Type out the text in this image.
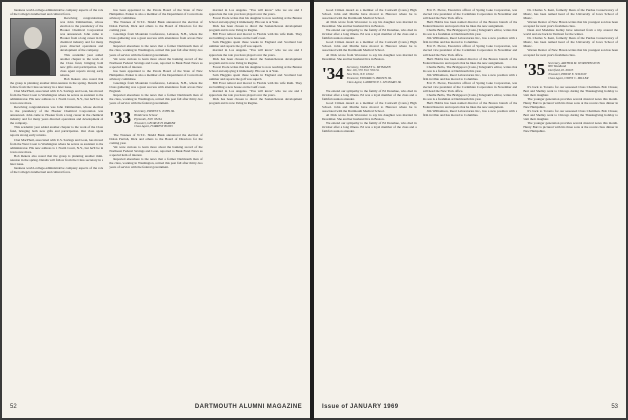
business world-college-administrative company aspects of the role of the College's intellectual and cultural force.

Receiving congratulations was John Zimmerman, whose election to the presidency of the Hooker Chemical Corporation was announced. John came to Hooker from a long career in the chemical industry and for many years directed operations and development of the company.

This academic year added another chapter to the work of the Class fund, bringing both new gifts and participation. Our class agent reports strong early returns.

Bob Rekers also noted that the group is planning another mini-reunion in the spring. Details will follow from the Class secretary in a later issue.

Chet MacPhail, associated with U.S. Savings and Loan, has moved from the West Coast to Washington where he serves as assistant to the administrator. His new address is 1 North Court, N.Y., but he'll be in town once more.

Receiving congratulations was John Zimmerman, whose election to the presidency of the Hooker Chemical Corporation was announced. John came to Hooker from a long career in the chemical industry and for many years directed operations and development of the company.

This academic year added another chapter to the work of the Class fund, bringing both new gifts and participation. Our class agent reports strong early returns.

Chet MacPhail, associated with U.S. Savings and Loan, has moved from the West Coast to Washington where he serves as assistant to the administrator. His new address is 1 North Court, N.Y., but he'll be in town once more.

Bob Rekers also noted that the group is planning another mini-reunion in the spring. Details will follow from the Class secretary in a later issue.

business world-college-administrative company aspects of the role of the College's intellectual and cultural force.

has been appointed to the Parole Board of the State of New Hampshire. Parker is also a member of the Department of Corrections advisory committee.

The Trustees of N.T.C. Shield Bank announced the election of Dolan Parrish, Dick and others to the Board of Directors for the coming year.

Greetings from Mountain Conference, Lebanon, N.H., where the Class gathering was a great success with attendance from across New England.

Reported elsewhere is the news that a former Dartmouth man of the class, working in Washington, retired this past fall after thirty-two years of service with the federal government.

We were curious to learn more about the banking record of the Northeast Federal Savings and Loan, reported to Bank Fund News as a special item of interest.

has been appointed to the Parole Board of the State of New Hampshire. Parker is also a member of the Department of Corrections advisory committee.

Greetings from Mountain Conference, Lebanon, N.H., where the Class gathering was a great success with attendance from across New England.

Reported elsewhere is the news that a former Dartmouth man of the class, working in Washington, retired this past fall after thirty-two years of service with the federal government.

'33 Secretary, ERNEST S. JOHN JR.
Holderness School
Plymouth, N.H. 03264
Treasurer, GEORGE H. PARKER
Class Agent, FORREST BOND

The Trustees of N.T.C. Shield Bank announced the election of Dolan Parrish, Dick and others to the Board of Directors for the coming year.

We were curious to learn more about the banking record of the Northeast Federal Savings and Loan, reported to Bank Fund News as a special item of interest.

Reported elsewhere is the news that a former Dartmouth man of the class, working in Washington, retired this past fall after thirty-two years of service with the federal government.

married in Los Angeles. "You will know" who we are and I appreciate the role you have played over the years.

Forest Poole writes that his daughter is now teaching at the Benton School and enjoying it immensely. His son is at Yale.

Dick has been chosen to direct the Saskatchewan development program and is now living in Regina.

Bill Frost retired and moved to Florida with his wife Ruth. They are building a new house on the Gulf coast.

Sam Huggins spent three weeks in England and Scotland last summer and reports the golf was superb.

married in Los Angeles. "You will know" who we are and I appreciate the role you have played over the years.

Dick has been chosen to direct the Saskatchewan development program and is now living in Regina.

Forest Poole writes that his daughter is now teaching at the Benton School and enjoying it immensely. His son is at Yale.

Sam Huggins spent three weeks in England and Scotland last summer and reports the golf was superb.

Bill Frost retired and moved to Florida with his wife Ruth. They are building a new house on the Gulf coast.

married in Los Angeles. "You will know" who we are and I appreciate the role you have played over the years.

Dick has been chosen to direct the Saskatchewan development program and is now living in Regina.

52	DARTMOUTH ALUMNI MAGAZINE

Good Citizen Award as a member of the Cornwall (Conn.) High School. John and Martha have moved to Hanover where he is associated with the Dartmouth Medical School.

Al Dick wrote from Worcester to say his daughter was married in December. She and her husband live in Boston.

We extend our sympathy to the family of Ed Donahue, who died in October after a long illness. Ed was a loyal member of the class and a faithful reunion attender.

Good Citizen Award as a member of the Cornwall (Conn.) High School. John and Martha have moved to Hanover where he is associated with the Dartmouth Medical School.

Al Dick wrote from Worcester to say his daughter was married in December. She and her husband live in Boston.

'34 Secretary, STANLEY G. MITMANN
Box 116, 555 Fort 55th St.
New York, N.Y. 10022
Treasurer, EDWARD S. BROWN JR.
Class Agent, LAWRENCE J. LEONARD JR.

We extend our sympathy to the family of Ed Donahue, who died in October after a long illness. Ed was a loyal member of the class and a faithful reunion attender.

Good Citizen Award as a member of the Cornwall (Conn.) High School. John and Martha have moved to Hanover where he is associated with the Dartmouth Medical School.

Al Dick wrote from Worcester to say his daughter was married in December. She and her husband live in Boston.

We extend our sympathy to the family of Ed Donahue, who died in October after a long illness. Ed was a loyal member of the class and a faithful reunion attender.

Eric E. Pierce, Executive officer of Spring Lake Corporation, was elected vice president of the Corinthian Corporation in November and will head the New York office.

Herb Hobbs has been named director of the Boston branch of the Federal Reserve and reports that he likes the new assignment.

Charlie Bello, The Bridgeport (Conn.) Telegram's editor, writes that his son is a freshman at Dartmouth this year.

Jim Williamson, Reed Laboratories Inc., has a new position with a firm in Ohio and has moved to Columbus.

Eric E. Pierce, Executive officer of Spring Lake Corporation, was elected vice president of the Corinthian Corporation in November and will head the New York office.

Herb Hobbs has been named director of the Boston branch of the Federal Reserve and reports that he likes the new assignment.

Charlie Bello, The Bridgeport (Conn.) Telegram's editor, writes that his son is a freshman at Dartmouth this year.

Jim Williamson, Reed Laboratories Inc., has a new position with a firm in Ohio and has moved to Columbus.

Eric E. Pierce, Executive officer of Spring Lake Corporation, was elected vice president of the Corinthian Corporation in November and will head the New York office.

Charlie Bello, The Bridgeport (Conn.) Telegram's editor, writes that his son is a freshman at Dartmouth this year.

Herb Hobbs has been named director of the Boston branch of the Federal Reserve and reports that he likes the new assignment.

Jim Williamson, Reed Laboratories Inc., has a new position with a firm in Ohio and has moved to Columbus.

Dr. Charles S. Kent, formerly Dean of the Purdue Conservatory of Music, has been named head of the University of Iowa School of Music.

Warren Dexter of New Haven writes that his youngest son has been accepted for next year's freshman class.

Dean and Madeline Kelley have returned from a trip around the world and are back in Vermont for the winter.

Dr. Charles S. Kent, formerly Dean of the Purdue Conservatory of Music, has been named head of the University of Iowa School of Music.

Warren Dexter of New Haven writes that his youngest son has been accepted for next year's freshman class.

'35 Secretary, ARTHUR M. WORTHINGTON
800 Woodland
Deerfield, Ill. 60015
Treasurer, PHILIP E. WILSON
Class Agent, OWEN C. MILLER

It's back to Toronto for our seasoned Class Chairman. Bob Chaser, Bert and Shelley went to Chicago during the Thanksgiving holiday to visit their daughter.

The younger generation provides several musical notes this month. Henry Burt is pictured with his three sons at the recent class dinner in New Hampshire.

It's back to Toronto for our seasoned Class Chairman. Bob Chaser, Bert and Shelley went to Chicago during the Thanksgiving holiday to visit their daughter.

The younger generation provides several musical notes this month. Henry Burt is pictured with his three sons at the recent class dinner in New Hampshire.

Issue of JANUARY 1969	53
